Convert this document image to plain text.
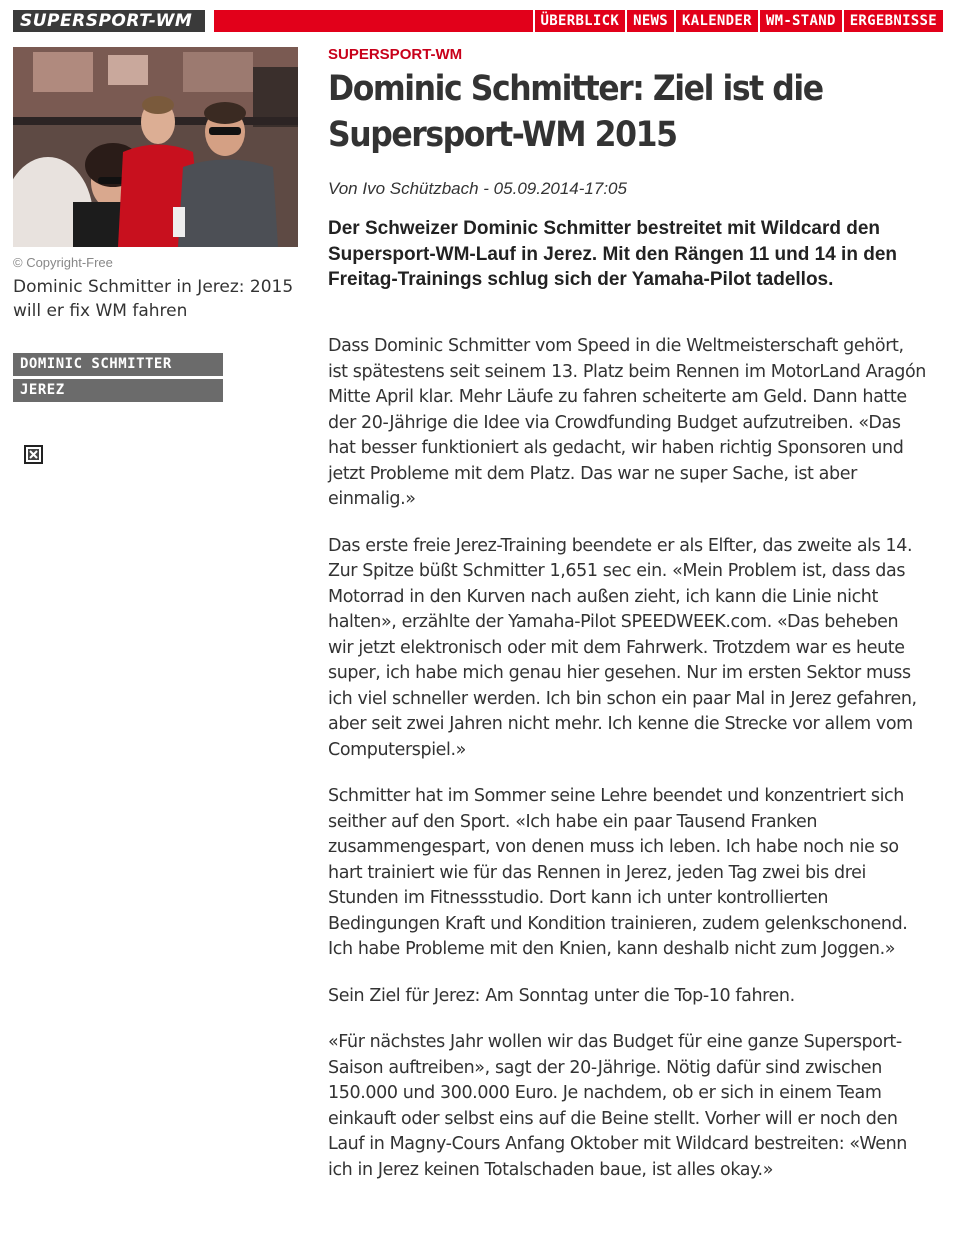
SUPERSPORT-WM	ÜBERBLICK	NEWS	KALENDER	WM-STAND	ERGEBNISSE
© Copyright-Free
Dominic Schmitter in Jerez: 2015 will er fix WM fahren
DOMINIC SCHMITTER
JEREZ
SUPERSPORT-WM
Dominic Schmitter: Ziel ist die Supersport-WM 2015
Von Ivo Schützbach - 05.09.2014-17:05

Der Schweizer Dominic Schmitter bestreitet mit Wildcard den Supersport-WM-Lauf in Jerez. Mit den Rängen 11 und 14 in den Freitag-Trainings schlug sich der Yamaha-Pilot tadellos.

Dass Dominic Schmitter vom Speed in die Weltmeisterschaft gehört, ist spätestens seit seinem 13. Platz beim Rennen im MotorLand Aragón Mitte April klar. Mehr Läufe zu fahren scheiterte am Geld. Dann hatte der 20-Jährige die Idee via Crowdfunding Budget aufzutreiben. «Das hat besser funktioniert als gedacht, wir haben richtig Sponsoren und jetzt Probleme mit dem Platz. Das war ne super Sache, ist aber einmalig.»

Das erste freie Jerez-Training beendete er als Elfter, das zweite als 14. Zur Spitze büßt Schmitter 1,651 sec ein. «Mein Problem ist, dass das Motorrad in den Kurven nach außen zieht, ich kann die Linie nicht halten», erzählte der Yamaha-Pilot SPEEDWEEK.com. «Das beheben wir jetzt elektronisch oder mit dem Fahrwerk. Trotzdem war es heute super, ich habe mich genau hier gesehen. Nur im ersten Sektor muss ich viel schneller werden. Ich bin schon ein paar Mal in Jerez gefahren, aber seit zwei Jahren nicht mehr. Ich kenne die Strecke vor allem vom Computerspiel.»

Schmitter hat im Sommer seine Lehre beendet und konzentriert sich seither auf den Sport. «Ich habe ein paar Tausend Franken zusammengespart, von denen muss ich leben. Ich habe noch nie so hart trainiert wie für das Rennen in Jerez, jeden Tag zwei bis drei Stunden im Fitnessstudio. Dort kann ich unter kontrollierten Bedingungen Kraft und Kondition trainieren, zudem gelenkschonend. Ich habe Probleme mit den Knien, kann deshalb nicht zum Joggen.»

Sein Ziel für Jerez: Am Sonntag unter die Top-10 fahren.

«Für nächstes Jahr wollen wir das Budget für eine ganze Supersport-Saison auftreiben», sagt der 20-Jährige. Nötig dafür sind zwischen 150.000 und 300.000 Euro. Je nachdem, ob er sich in einem Team einkauft oder selbst eins auf die Beine stellt. Vorher will er noch den Lauf in Magny-Cours Anfang Oktober mit Wildcard bestreiten: «Wenn ich in Jerez keinen Totalschaden baue, ist alles okay.»
